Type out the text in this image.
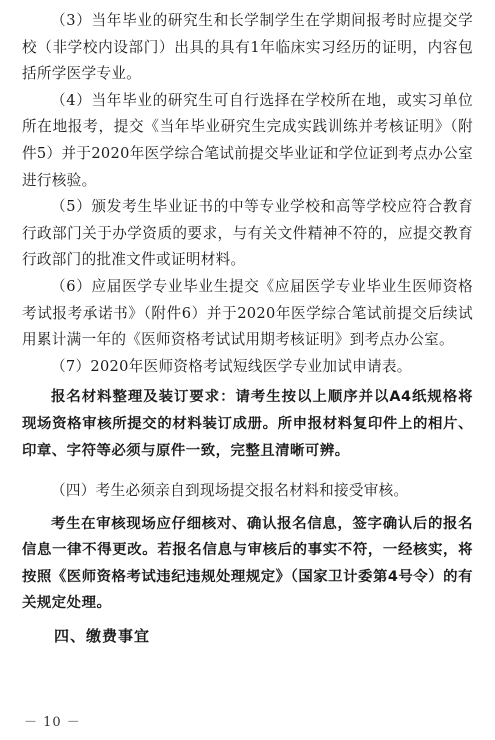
（3）当年毕业的研究生和长学制学生在学期间报考时应提交学校（非学校内设部门）出具的具有1年临床实习经历的证明，内容包括所学医学专业。

（4）当年毕业的研究生可自行选择在学校所在地，或实习单位所在地报考，提交《当年毕业研究生完成实践训练并考核证明》（附件5）并于2020年医学综合笔试前提交毕业证和学位证到考点办公室进行核验。

（5）颁发考生毕业证书的中等专业学校和高等学校应符合教育行政部门关于办学资质的要求，与有关文件精神不符的，应提交教育行政部门的批准文件或证明材料。

（6）应届医学专业毕业生提交《应届医学专业毕业生医师资格考试报考承诺书》（附件6）并于2020年医学综合笔试前提交后续试用累计满一年的《医师资格考试试用期考核证明》到考点办公室。

（7）2020年医师资格考试短线医学专业加试申请表。

报名材料整理及装订要求：请考生按以上顺序并以A4纸规格将现场资格审核所提交的材料装订成册。所申报材料复印件上的相片、印章、字符等必须与原件一致，完整且清晰可辨。

（四）考生必须亲自到现场提交报名材料和接受审核。

考生在审核现场应仔细核对、确认报名信息，签字确认后的报名信息一律不得更改。若报名信息与审核后的事实不符，一经核实，将按照《医师资格考试违纪违规处理规定》（国家卫计委第4号令）的有关规定处理。

四、缴费事宜

－ 10 －
